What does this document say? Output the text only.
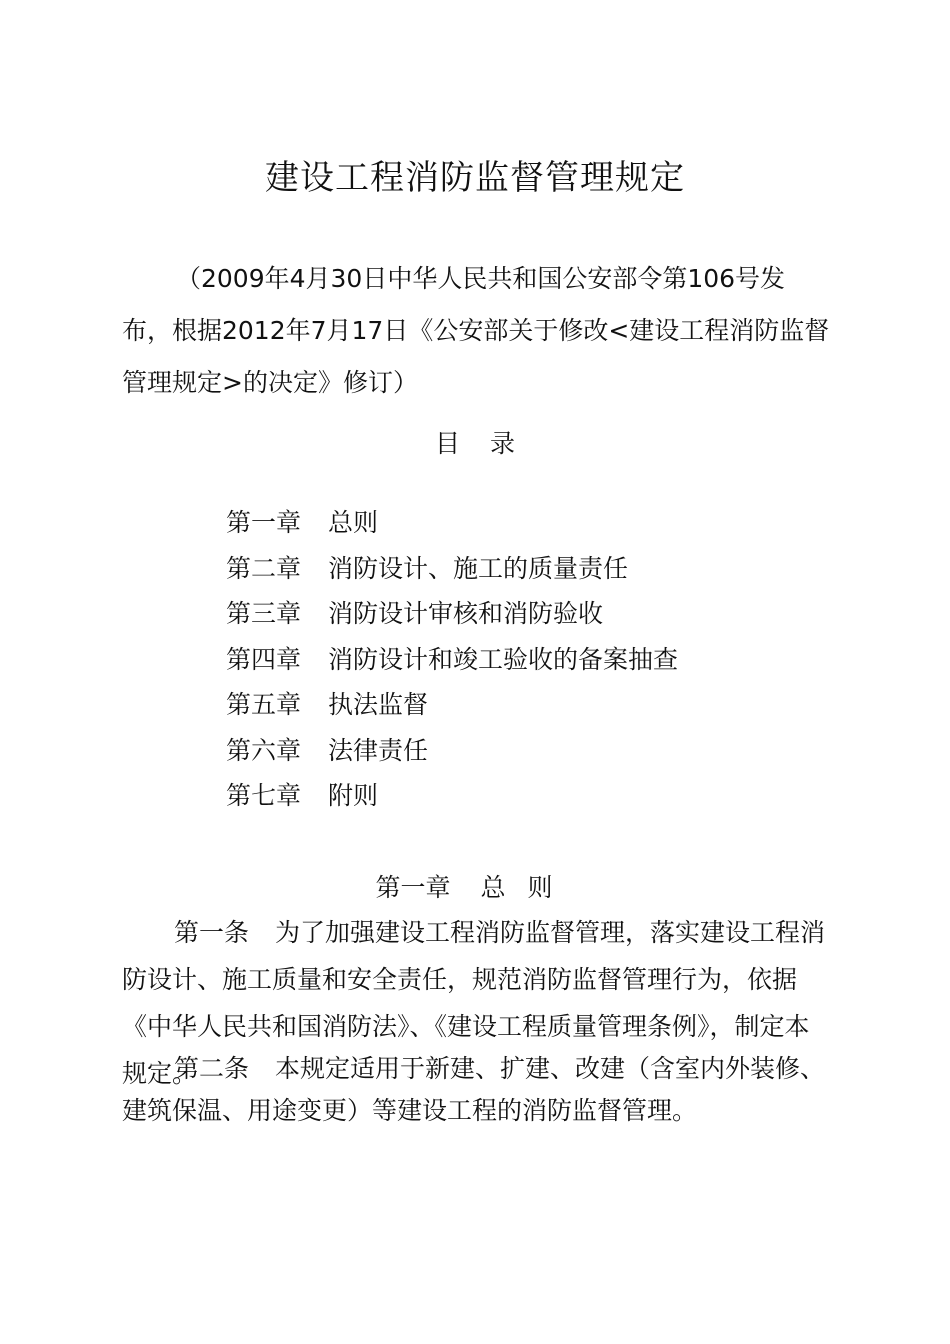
建设工程消防监督管理规定

（2009年4月30日中华人民共和国公安部令第106号发布，根据2012年7月17日《公安部关于修改<建设工程消防监督管理规定>的决定》修订）

目录
第一章 总则
第二章 消防设计、施工的质量责任
第三章 消防设计审核和消防验收
第四章 消防设计和竣工验收的备案抽查
第五章 执法监督
第六章 法律责任
第七章 附则
第一章 总则

第一条 为了加强建设工程消防监督管理，落实建设工程消防设计、施工质量和安全责任，规范消防监督管理行为，依据《中华人民共和国消防法》、《建设工程质量管理条例》，制定本规定。

第二条 本规定适用于新建、扩建、改建（含室内外装修、建筑保温、用途变更）等建设工程的消防监督管理。
